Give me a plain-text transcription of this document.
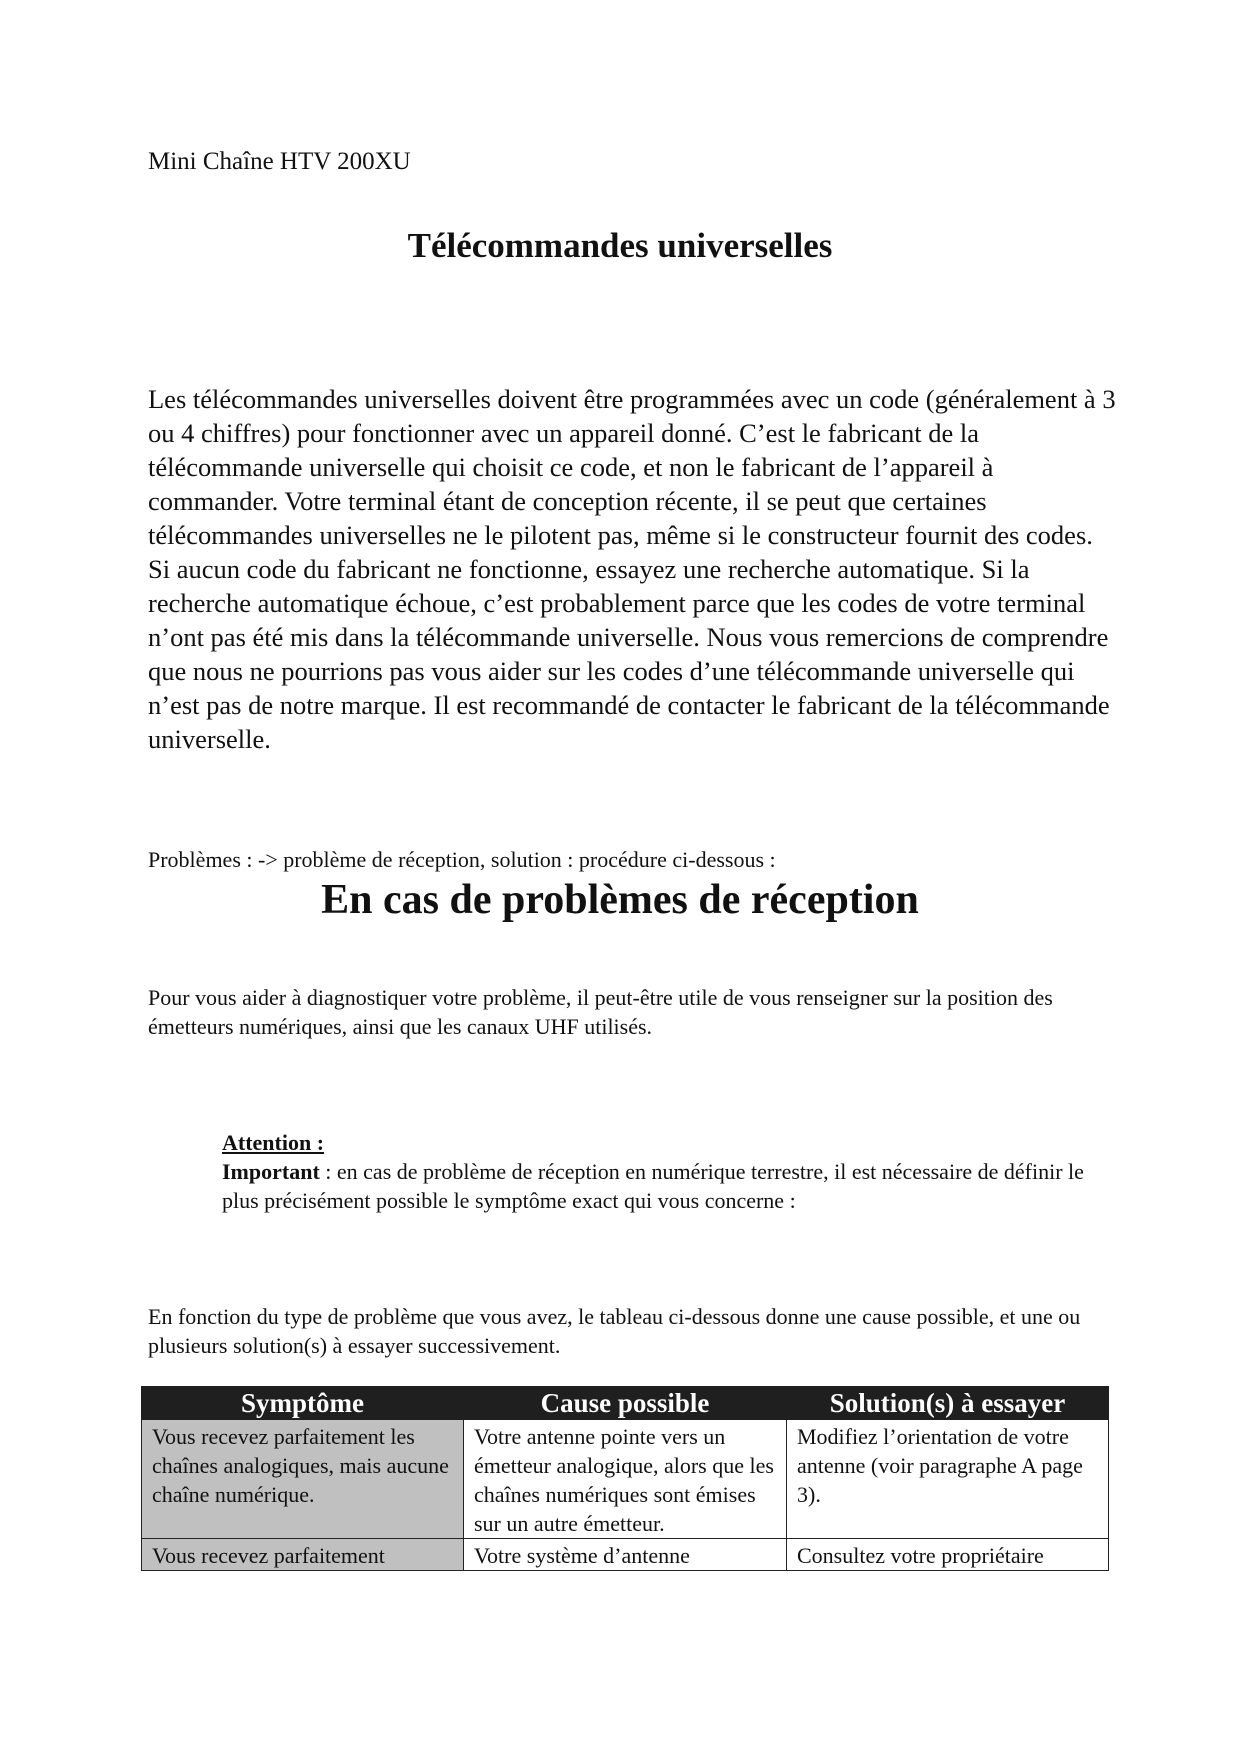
Mini Chaîne HTV 200XU
Télécommandes universelles

Les télécommandes universelles doivent être programmées avec un code (généralement à 3 ou 4 chiffres) pour fonctionner avec un appareil donné. C’est le fabricant de la télécommande universelle qui choisit ce code, et non le fabricant de l’appareil à commander. Votre terminal étant de conception récente, il se peut que certaines télécommandes universelles ne le pilotent pas, même si le constructeur fournit des codes. Si aucun code du fabricant ne fonctionne, essayez une recherche automatique. Si la recherche automatique échoue, c’est probablement parce que les codes de votre terminal n’ont pas été mis dans la télécommande universelle. Nous vous remercions de comprendre que nous ne pourrions pas vous aider sur les codes d’une télécommande universelle qui n’est pas de notre marque. Il est recommandé de contacter le fabricant de la télécommande universelle.

Problèmes : -> problème de réception, solution : procédure ci-dessous :
En cas de problèmes de réception

Pour vous aider à diagnostiquer votre problème, il peut-être utile de vous renseigner sur la position des émetteurs numériques, ainsi que les canaux UHF utilisés.

Attention :
Important : en cas de problème de réception en numérique terrestre, il est nécessaire de définir le plus précisément possible le symptôme exact qui vous concerne :

En fonction du type de problème que vous avez, le tableau ci-dessous donne une cause possible, et une ou plusieurs solution(s) à essayer successivement.

Symptôme	Cause possible	Solution(s) à essayer
Vous recevez parfaitement les chaînes analogiques, mais aucune chaîne numérique.	Votre antenne pointe vers un émetteur analogique, alors que les chaînes numériques sont émises sur un autre émetteur.	Modifiez l’orientation de votre antenne (voir paragraphe A page 3).
Vous recevez parfaitement	Votre système d’antenne	Consultez votre propriétaire
